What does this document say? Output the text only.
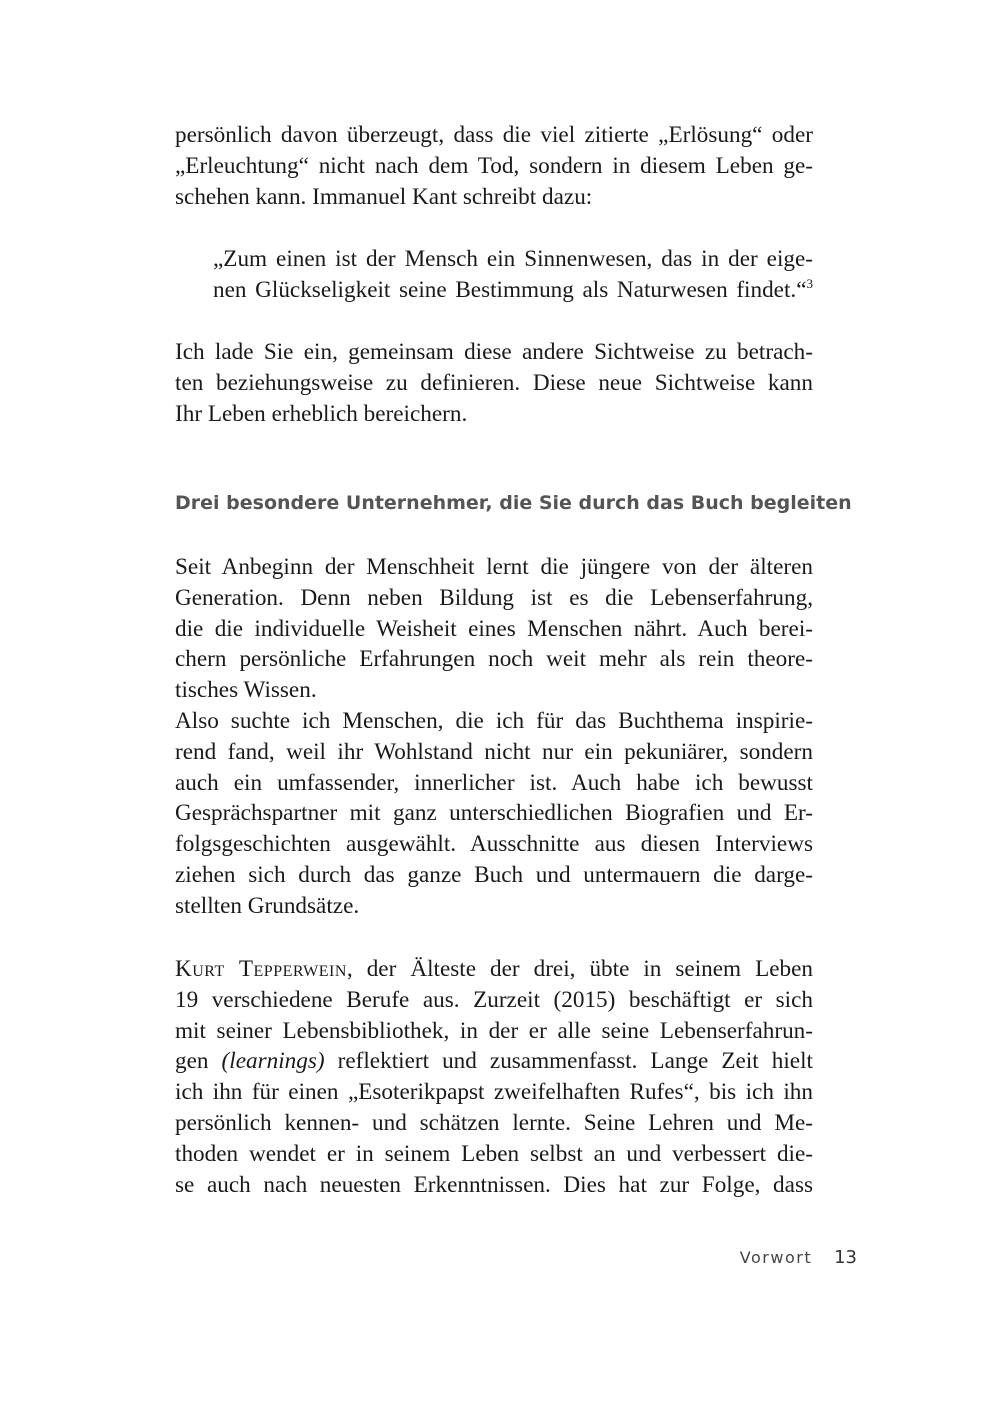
persönlich davon überzeugt, dass die viel zitierte „Erlösung“ oder
„Erleuchtung“ nicht nach dem Tod, sondern in diesem Leben ge-
schehen kann. Immanuel Kant schreibt dazu:
„Zum einen ist der Mensch ein Sinnenwesen, das in der eige-
nen Glückseligkeit seine Bestimmung als Naturwesen findet.“$^3$
Ich lade Sie ein, gemeinsam diese andere Sichtweise zu betrach-
ten beziehungsweise zu definieren. Diese neue Sichtweise kann
Ihr Leben erheblich bereichern.
Drei besondere Unternehmer, die Sie durch das Buch begleiten
Seit Anbeginn der Menschheit lernt die jüngere von der älteren
Generation. Denn neben Bildung ist es die Lebenserfahrung,
die die individuelle Weisheit eines Menschen nährt. Auch berei-
chern persönliche Erfahrungen noch weit mehr als rein theore-
tisches Wissen.
Also suchte ich Menschen, die ich für das Buchthema inspirie-
rend fand, weil ihr Wohlstand nicht nur ein pekuniärer, sondern
auch ein umfassender, innerlicher ist. Auch habe ich bewusst
Gesprächspartner mit ganz unterschiedlichen Biografien und Er-
folgsgeschichten ausgewählt. Ausschnitte aus diesen Interviews
ziehen sich durch das ganze Buch und untermauern die darge-
stellten Grundsätze.
Kurt Tepperwein, der Älteste der drei, übte in seinem Leben
19 verschiedene Berufe aus. Zurzeit (2015) beschäftigt er sich
mit seiner Lebensbibliothek, in der er alle seine Lebenserfahrun-
gen (learnings) reflektiert und zusammenfasst. Lange Zeit hielt
ich ihn für einen „Esoterikpapst zweifelhaften Rufes“, bis ich ihn
persönlich kennen- und schätzen lernte. Seine Lehren und Me-
thoden wendet er in seinem Leben selbst an und verbessert die-
se auch nach neuesten Erkenntnissen. Dies hat zur Folge, dass
Vorwort 13
